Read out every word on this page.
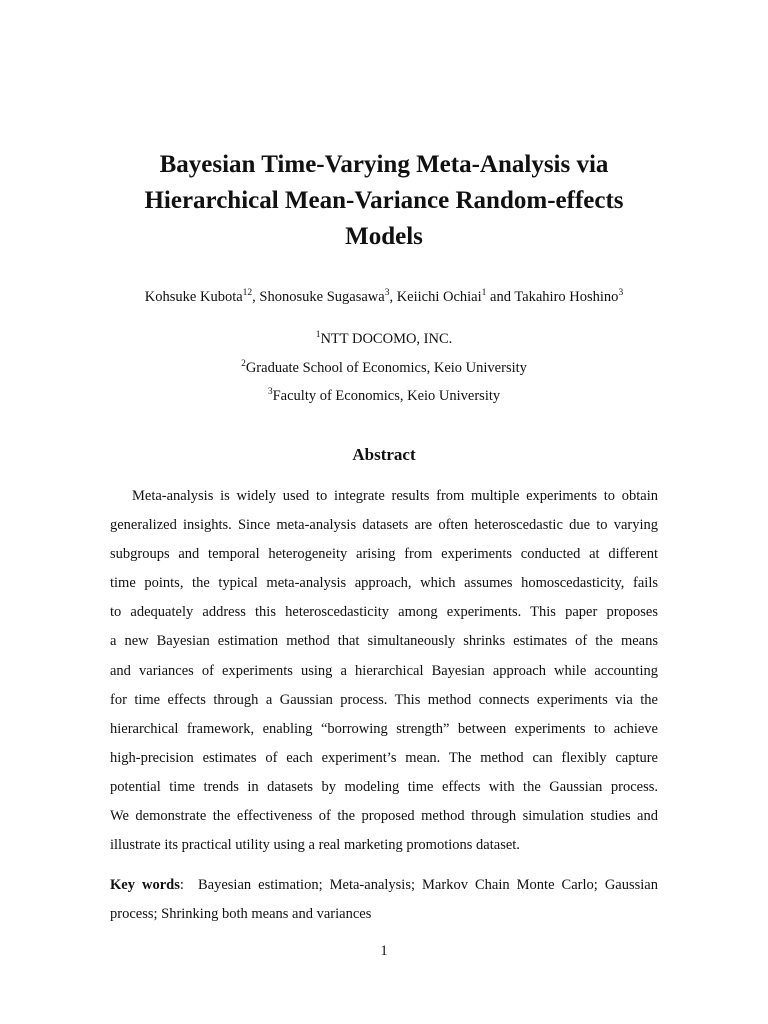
Bayesian Time-Varying Meta-Analysis via
Hierarchical Mean-Variance Random-effects
Models
Kohsuke Kubota$^{12}$, Shonosuke Sugasawa$^3$, Keiichi Ochiai$^1$ and Takahiro Hoshino$^3$
$^1$NTT DOCOMO, INC.
$^2$Graduate School of Economics, Keio University
$^3$Faculty of Economics, Keio University
Abstract
Meta-analysis is widely used to integrate results from multiple experiments to obtain
generalized insights. Since meta-analysis datasets are often heteroscedastic due to varying
subgroups and temporal heterogeneity arising from experiments conducted at different
time points, the typical meta-analysis approach, which assumes homoscedasticity, fails
to adequately address this heteroscedasticity among experiments. This paper proposes
a new Bayesian estimation method that simultaneously shrinks estimates of the means
and variances of experiments using a hierarchical Bayesian approach while accounting
for time effects through a Gaussian process. This method connects experiments via the
hierarchical framework, enabling “borrowing strength” between experiments to achieve
high-precision estimates of each experiment’s mean. The method can flexibly capture
potential time trends in datasets by modeling time effects with the Gaussian process.
We demonstrate the effectiveness of the proposed method through simulation studies and
illustrate its practical utility using a real marketing promotions dataset.
Key words:  Bayesian estimation; Meta-analysis; Markov Chain Monte Carlo; Gaussian
process; Shrinking both means and variances
1
